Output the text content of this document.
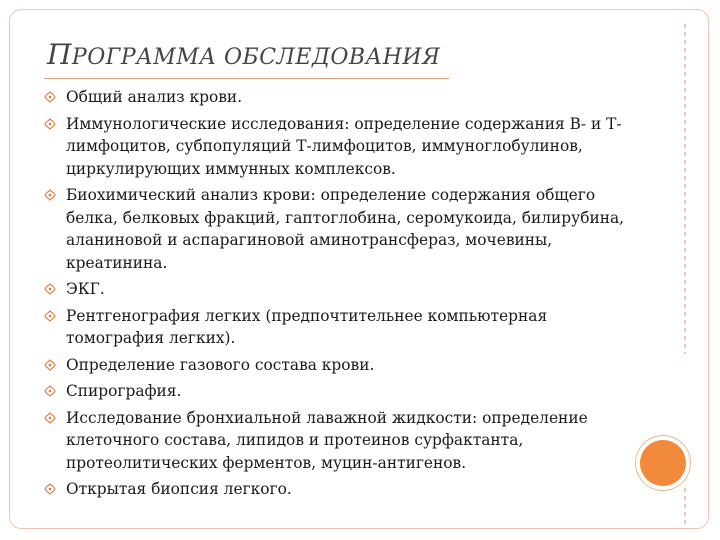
ПРОГРАММА ОБСЛЕДОВАНИЯ
Общий анализ крови.
Иммунологические исследования: определение содержания В- и Т-лимфоцитов, субпопуляций Т-лимфоцитов, иммуноглобулинов, циркулирующих иммунных комплексов.
Биохимический анализ крови: определение содержания общего белка, белковых фракций, гаптоглобина, серомукоида, билирубина, аланиновой и аспарагиновой аминотрансфераз, мочевины, креатинина.
ЭКГ.
Рентгенография легких (предпочтительнее компьютерная томография легких).
Определение газового состава крови.
Спирография.
Исследование бронхиальной лаважной жидкости: определение клеточного состава, липидов и протеинов сурфактанта, протеолитических ферментов, муцин-антигенов.
Открытая биопсия легкого.
